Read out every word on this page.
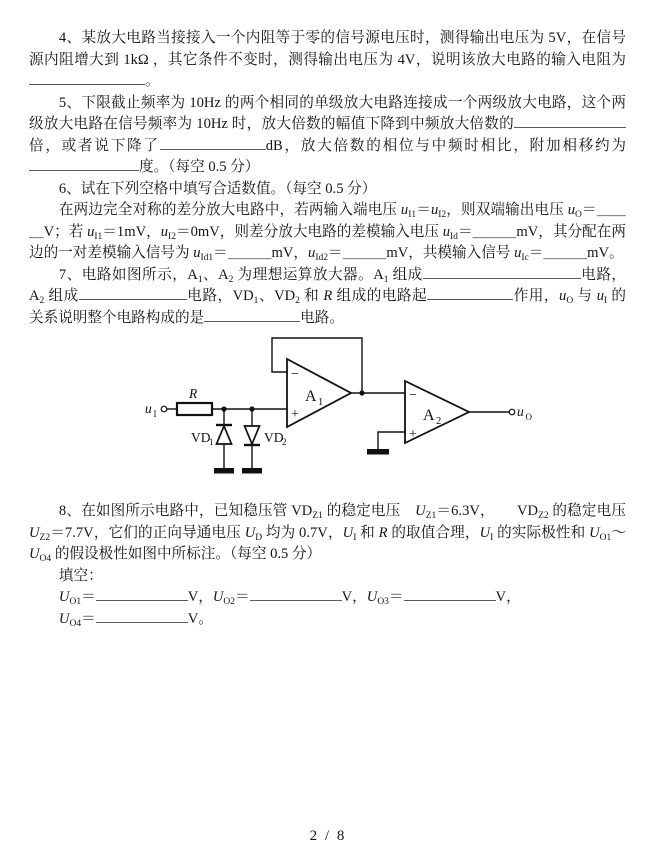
4、某放大电路当接接入一个内阻等于零的信号源电压时，测得输出电压为 5V，在信号源内阻增大到 1kΩ ，其它条件不变时，测得输出电压为 4V，说明该放大电路的输入电阻为 。

5、下限截止频率为 10Hz 的两个相同的单级放大电路连接成一个两级放大电路，这个两级放大电路在信号频率为 10Hz 时，放大倍数的幅值下降到中频放大倍数的 倍，或者说下降了	dB，放大倍数的相位与中频时相比，附加相移约为 度。（每空 0.5 分）

6、试在下列空格中填写合适数值。（每空 0.5 分）

在两边完全对称的差分放大电路中，若两输入端电压 $u_{I1}=u_{I2}$，则双端输出电压 $u_O=\_\_\_V$；若 $u_{I1}=1mV$，$u_{I2}=0mV$，则差分放大电路的差模输入电压 $u_{Id}=\_\_\_mV$，其分配在两边的一对差模输入信号为 $u_{Id1}=\_\_\_mV$，$u_{Id2}=\_\_\_mV$，共模输入信号 $u_{Ic}=\_\_\_mV$。

7、电路如图所示，$A_1$、$A_2$ 为理想运算放大器。$A_1$ 组成	电路，$A_2$ 组成	电路，$VD_1$、$VD_2$ 和 R 组成的电路起	作用，$u_O$ 与 $u_I$ 的关系说明整个电路构成的是	电路。

u I
R
VD
1	VD
2
−
+
A 1	−
+
A 2
u O

8、在如图所示电路中，已知稳压管 $VD_{Z1}$ 的稳定电压　$U_{Z1}=6.3V$，　　$VD_{Z2}$ 的稳定电压 $U_{Z2}=7.7V$，它们的正向导通电压 $U_D$ 均为 0.7V，$U_I$ 和 R 的取值合理，$U_I$ 的实际极性和 $U_{O1}\sim U_{O4}$ 的假设极性如图中所标注。（每空 0.5 分）

填空：

$U_{O1}=$	V，$U_{O2}=$	V，$U_{O3}=$	V，

$U_{O4}=$	V。

2 / 8
